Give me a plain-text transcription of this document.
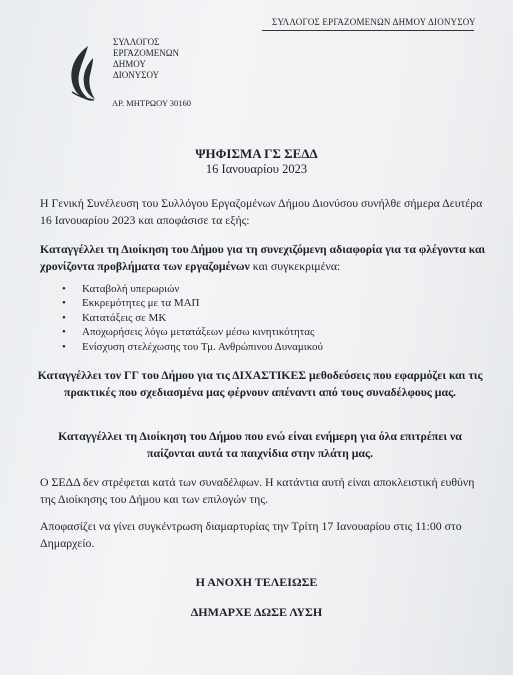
ΣΥΛΛΟΓΟΣ ΕΡΓΑΖΟΜΕΝΩΝ ΔΗΜΟΥ ΔΙΟΝΥΣΟΥ
ΣΥΛΛΟΓΟΣ
ΕΡΓΑΖΟΜΕΝΩΝ
ΔΗΜΟΥ
ΔΙΟΝΥΣΟΥ
ΑΡ. ΜΗΤΡΩΟΥ 30160
ΨΗΦΙΣΜΑ ΓΣ ΣΕΔΔ
16 Ιανουαρίου 2023
Η Γενική Συνέλευση του Συλλόγου Εργαζομένων Δήμου Διονύσου συνήλθε σήμερα Δευτέρα 16 Ιανουαρίου 2023 και αποφάσισε τα εξής:
Καταγγέλλει τη Διοίκηση του Δήμου για τη συνεχιζόμενη αδιαφορία για τα φλέγοντα και χρονίζοντα προβλήματα των εργαζομένων και συγκεκριμένα:
• Καταβολή υπερωριών
• Εκκρεμότητες με τα ΜΑΠ
• Κατατάξεις σε ΜΚ
• Αποχωρήσεις λόγω μετατάξεων μέσω κινητικότητας
• Ενίσχυση στελέχωσης του Τμ. Ανθρώπινου Δυναμικού
Καταγγέλλει τον ΓΓ του Δήμου για τις ΔΙΧΑΣΤΙΚΕΣ μεθοδεύσεις που εφαρμόζει και τις πρακτικές που σχεδιασμένα μας φέρνουν απέναντι από τους συναδέλφους μας.
Καταγγέλλει τη Διοίκηση του Δήμου που ενώ είναι ενήμερη για όλα επιτρέπει να παίζονται αυτά τα παιχνίδια στην πλάτη μας.
Ο ΣΕΔΔ δεν στρέφεται κατά των συναδέλφων. Η κατάντια αυτή είναι αποκλειστική ευθύνη της Διοίκησης του Δήμου και των επιλογών της.
Αποφασίζει να γίνει συγκέντρωση διαμαρτυρίας την Τρίτη 17 Ιανουαρίου στις 11:00 στο Δημαρχείο.
Η ΑΝΟΧΗ ΤΕΛΕΙΩΣΕ
ΔΗΜΑΡΧΕ ΔΩΣΕ ΛΥΣΗ
